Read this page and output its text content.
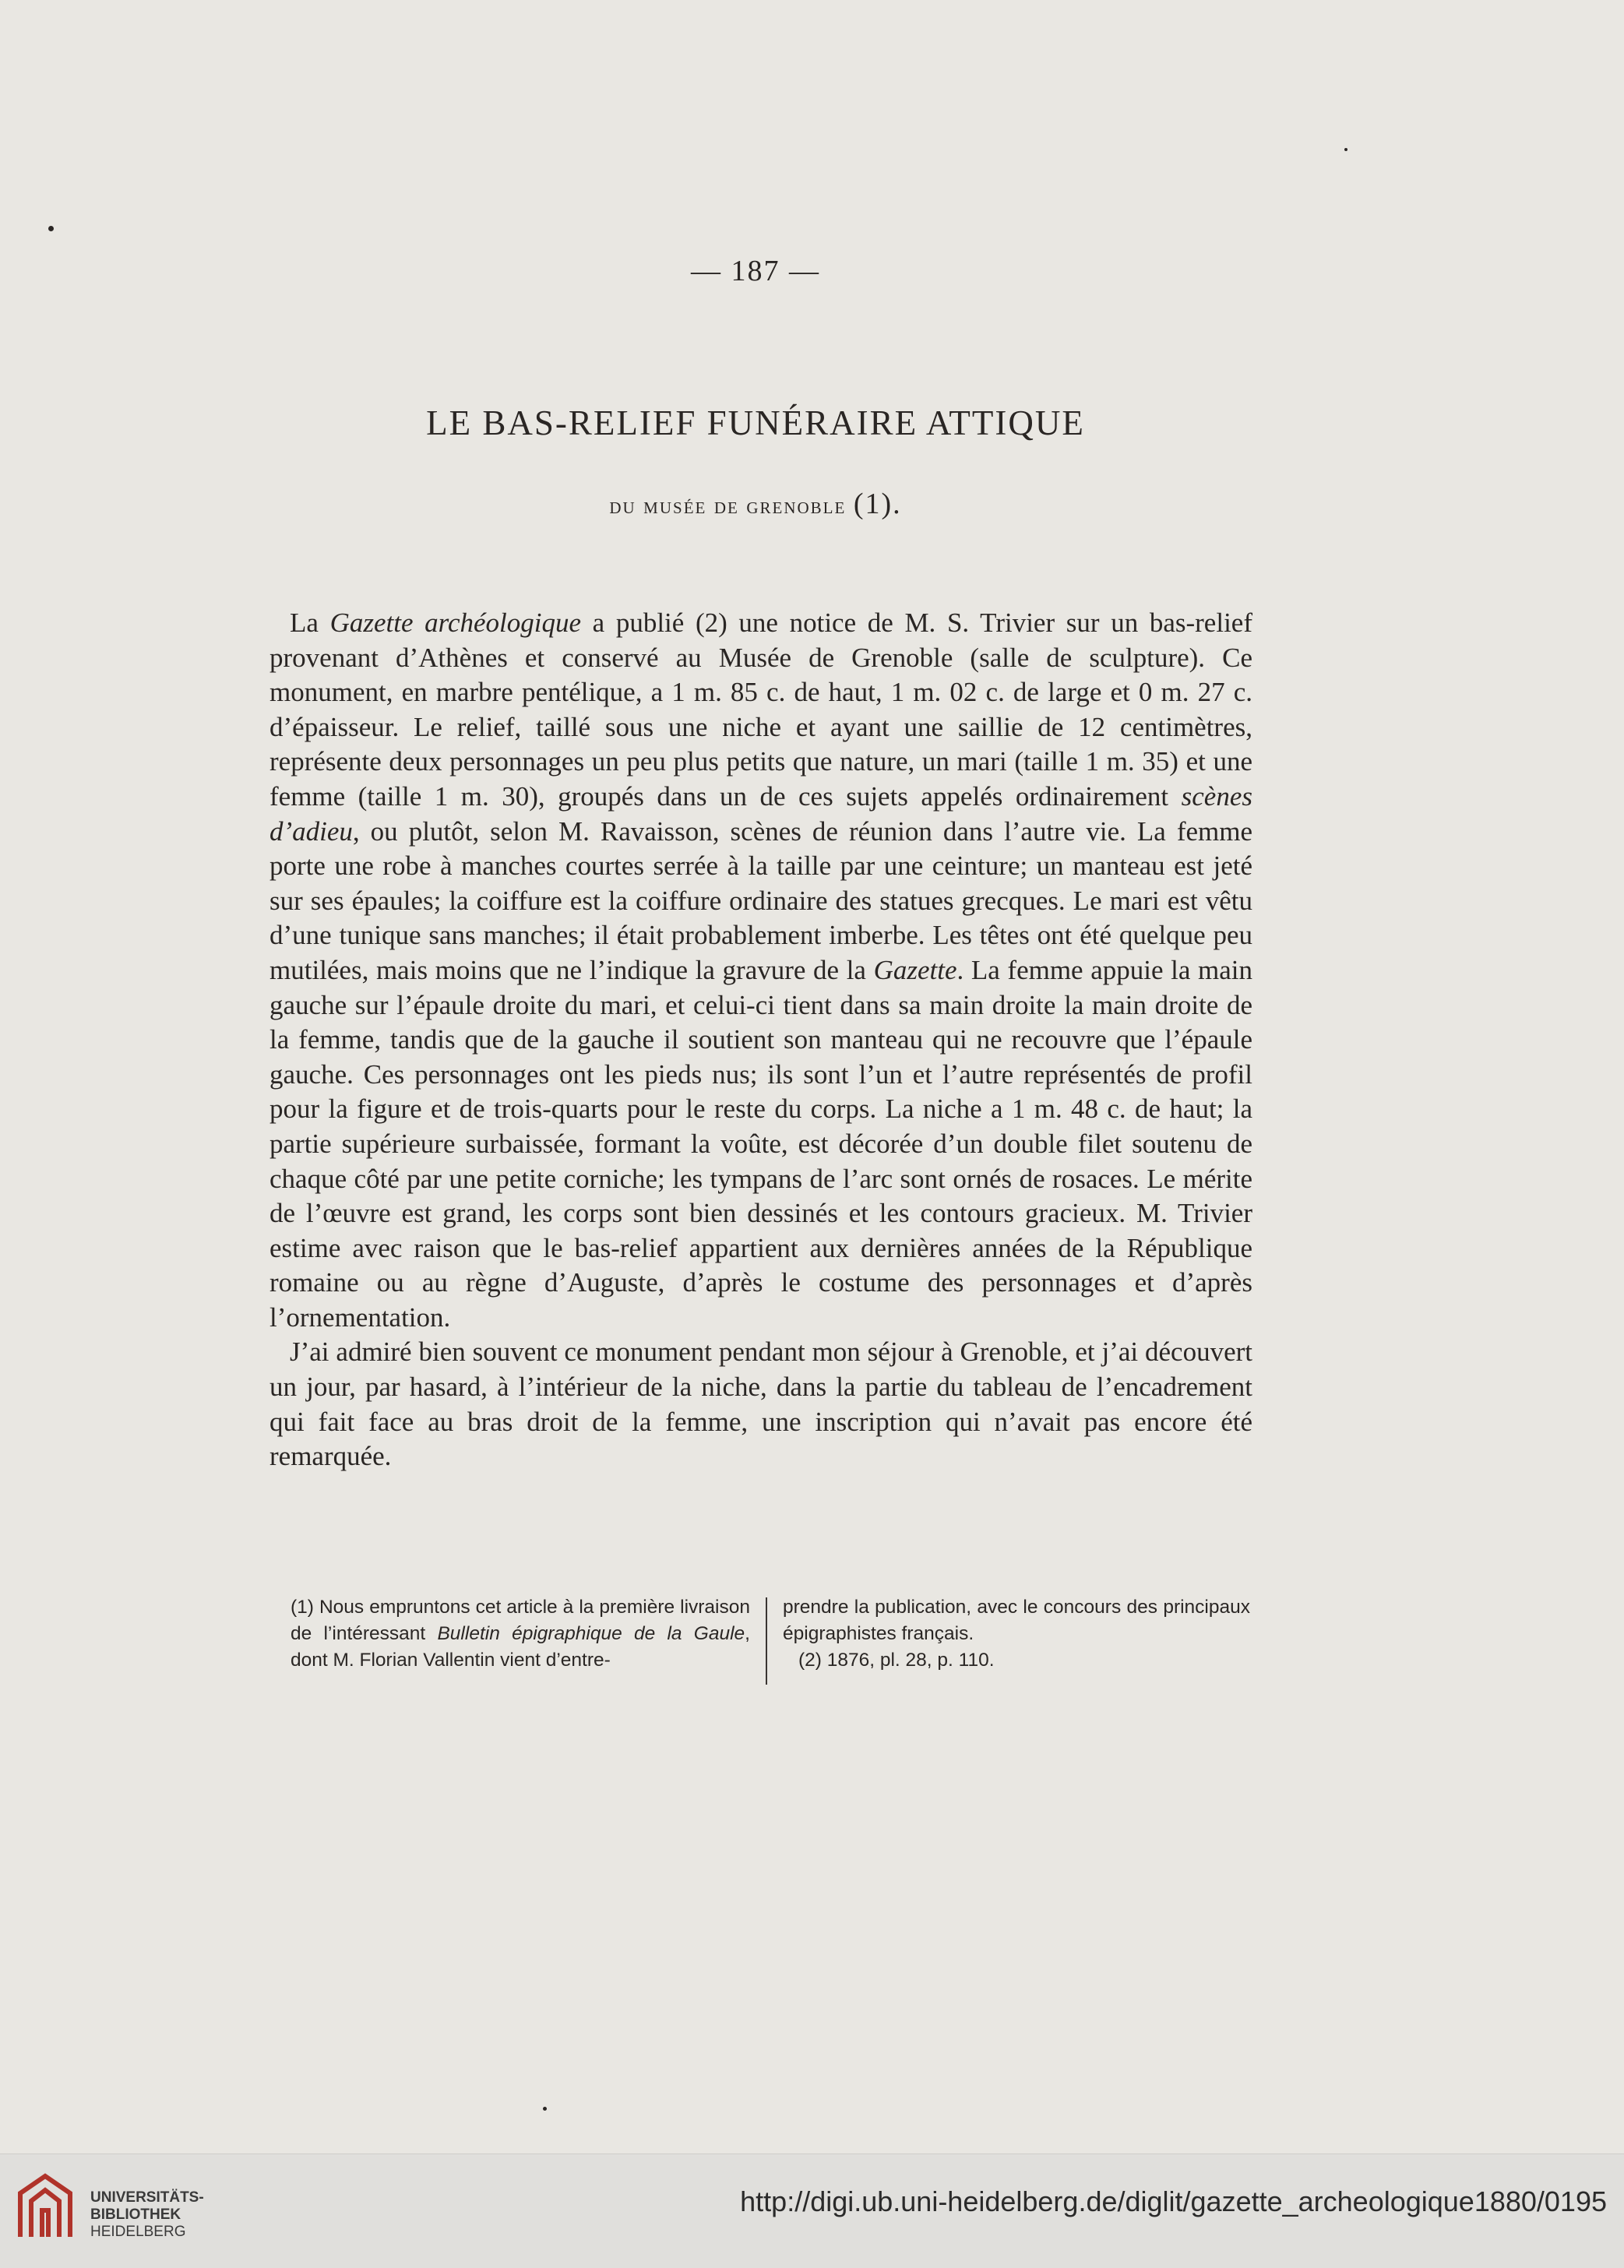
— 187 —
LE BAS-RELIEF FUNÉRAIRE ATTIQUE
du musée de grenoble (1).

La Gazette archéologique a publié (2) une notice de M. S. Trivier sur un bas-relief provenant d’Athènes et conservé au Musée de Grenoble (salle de sculpture). Ce monument, en marbre pentélique, a 1 m. 85 c. de haut, 1 m. 02 c. de large et 0 m. 27 c. d’épaisseur. Le relief, taillé sous une niche et ayant une saillie de 12 centimètres, représente deux personnages un peu plus petits que nature, un mari (taille 1 m. 35) et une femme (taille 1 m. 30), groupés dans un de ces sujets appelés ordinairement scènes d’adieu, ou plutôt, selon M. Ravaisson, scènes de réunion dans l’autre vie. La femme porte une robe à manches courtes serrée à la taille par une ceinture; un manteau est jeté sur ses épaules; la coiffure est la coiffure ordinaire des statues grecques. Le mari est vêtu d’une tunique sans manches; il était probablement imberbe. Les têtes ont été quelque peu mutilées, mais moins que ne l’indique la gravure de la Gazette. La femme appuie la main gauche sur l’épaule droite du mari, et celui-ci tient dans sa main droite la main droite de la femme, tandis que de la gauche il soutient son manteau qui ne recouvre que l’épaule gauche. Ces personnages ont les pieds nus; ils sont l’un et l’autre représentés de profil pour la figure et de trois-quarts pour le reste du corps. La niche a 1 m. 48 c. de haut; la partie supérieure surbaissée, formant la voûte, est décorée d’un double filet soutenu de chaque côté par une petite corniche; les tympans de l’arc sont ornés de rosaces. Le mérite de l’œuvre est grand, les corps sont bien dessinés et les contours gracieux. M. Trivier estime avec raison que le bas-relief appartient aux dernières années de la République romaine ou au règne d’Auguste, d’après le costume des personnages et d’après l’ornementation.

J’ai admiré bien souvent ce monument pendant mon séjour à Grenoble, et j’ai découvert un jour, par hasard, à l’intérieur de la niche, dans la partie du tableau de l’encadrement qui fait face au bras droit de la femme, une inscription qui n’avait pas encore été remarquée.

(1) Nous empruntons cet article à la première livraison de l’intéressant Bulletin épigraphique de la Gaule, dont M. Florian Vallentin vient d’entre-

prendre la publication, avec le concours des principaux épigraphistes français.

(2) 1876, pl. 28, p. 110.

UNIVERSITÄTS-
BIBLIOTHEK
HEIDELBERG
http://digi.ub.uni-heidelberg.de/diglit/gazette_archeologique1880/0195
